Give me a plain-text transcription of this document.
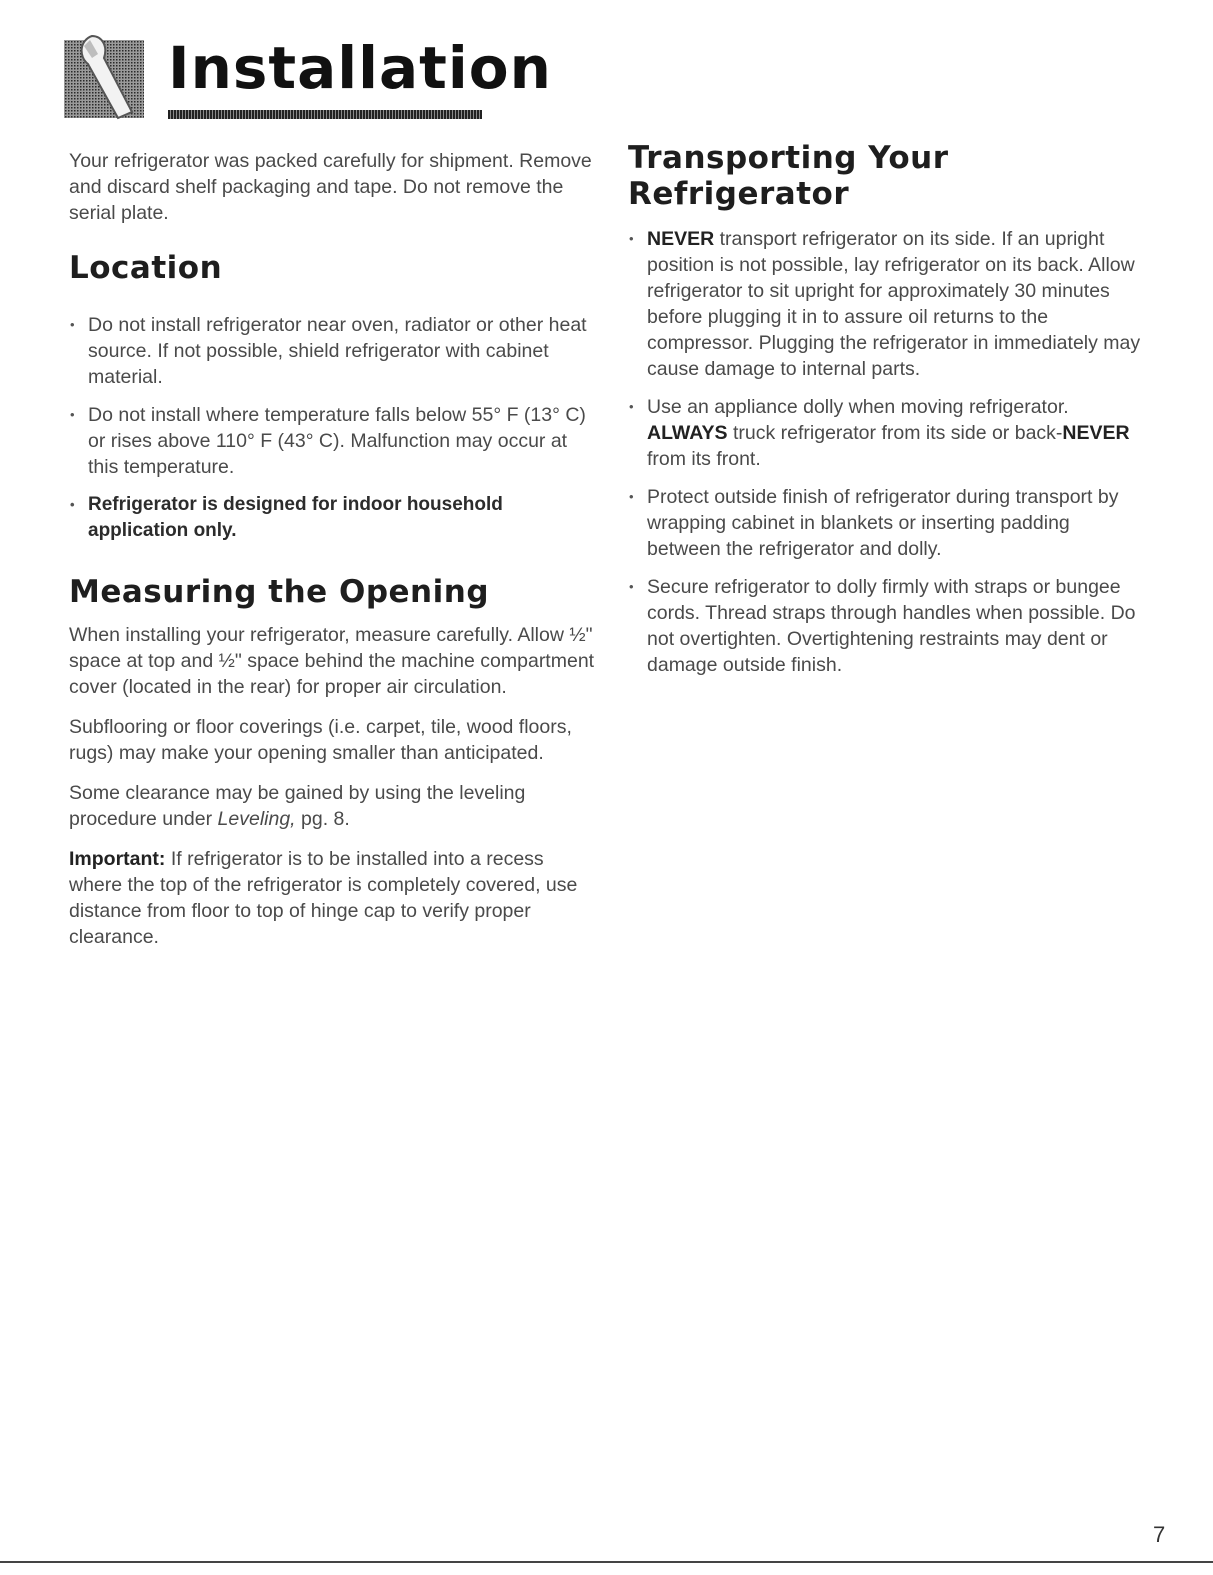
Installation

Your refrigerator was packed carefully for shipment. Remove and discard shelf packaging and tape. Do not remove the serial plate.

Location
• Do not install refrigerator near oven, radiator or other heat source. If not possible, shield refrigerator with cabinet material.
• Do not install where temperature falls below 55° F (13° C) or rises above 110° F (43° C). Malfunction may occur at this temperature.
• Refrigerator is designed for indoor household application only.
Measuring the Opening

When installing your refrigerator, measure carefully. Allow ½" space at top and ½" space behind the machine compartment cover (located in the rear) for proper air circulation.

Subflooring or floor coverings (i.e. carpet, tile, wood floors, rugs) may make your opening smaller than anticipated.

Some clearance may be gained by using the leveling procedure under Leveling, pg. 8.

Important: If refrigerator is to be installed into a recess where the top of the refrigerator is completely covered, use distance from floor to top of hinge cap to verify proper clearance.

Transporting Your Refrigerator
• NEVER transport refrigerator on its side. If an upright position is not possible, lay refrigerator on its back. Allow refrigerator to sit upright for approximately 30 minutes before plugging it in to assure oil returns to the compressor. Plugging the refrigerator in immediately may cause damage to internal parts.
• Use an appliance dolly when moving refrigerator. ALWAYS truck refrigerator from its side or back-NEVER from its front.
• Protect outside finish of refrigerator during transport by wrapping cabinet in blankets or inserting padding between the refrigerator and dolly.
• Secure refrigerator to dolly firmly with straps or bungee cords. Thread straps through handles when possible. Do not overtighten. Overtightening restraints may dent or damage outside finish.
7
